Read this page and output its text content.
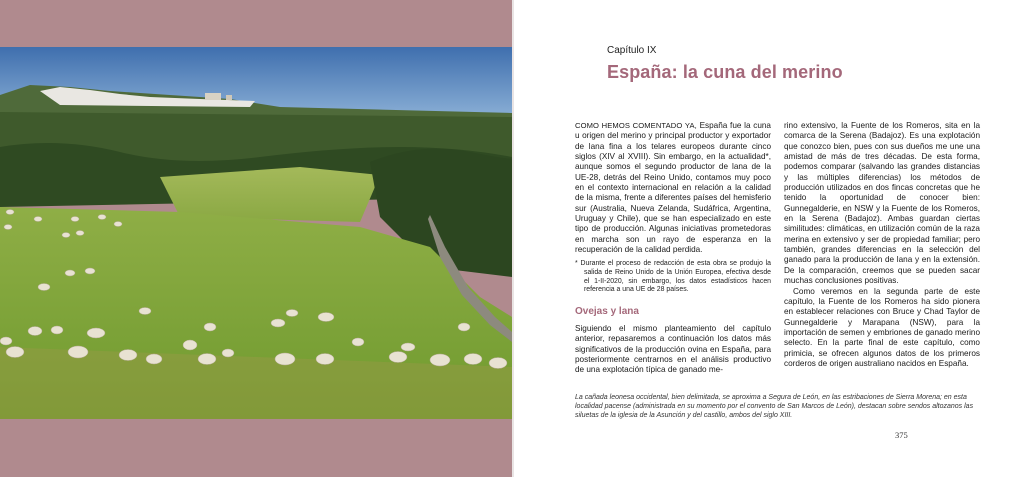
Capítulo IX
España: la cuna del merino

COMO HEMOS COMENTADO YA, España fue la cuna u origen del merino y principal productor y exportador de lana fina a los telares europeos durante cinco siglos (XIV al XVIII). Sin embargo, en la actualidad*, aunque somos el segundo productor de lana de la UE-28, detrás del Reino Unido, contamos muy poco en el contexto internacional en relación a la calidad de la misma, frente a diferentes países del hemisferio sur (Australia, Nueva Zelanda, Sudáfrica, Argentina, Uruguay y Chile), que se han especializado en este tipo de producción. Algunas iniciativas prometedoras en marcha son un rayo de esperanza en la recuperación de la calidad perdida.

* Durante el proceso de redacción de esta obra se produjo la salida de Reino Unido de la Unión Europea, efectiva desde el 1-II-2020, sin embargo, los datos estadísticos hacen referencia a una UE de 28 países.

Ovejas y lana

Siguiendo el mismo planteamiento del capítulo anterior, repasaremos a continuación los datos más significativos de la producción ovina en España, para posteriormente centrarnos en el análisis productivo de una explotación típica de ganado me-

rino extensivo, la Fuente de los Romeros, sita en la comarca de la Serena (Badajoz). Es una explotación que conozco bien, pues con sus dueños me une una amistad de más de tres décadas. De esta forma, podemos comparar (salvando las grandes distancias y las múltiples diferencias) los métodos de producción utilizados en dos fincas concretas que he tenido la oportunidad de conocer bien: Gunnegalderie, en NSW y la Fuente de los Romeros, en la Serena (Badajoz). Ambas guardan ciertas similitudes: climáticas, en utilización común de la raza merina en extensivo y ser de propiedad familiar; pero también, grandes diferencias en la selección del ganado para la producción de lana y en la extensión. De la comparación, creemos que se pueden sacar muchas conclusiones positivas.

Como veremos en la segunda parte de este capítulo, la Fuente de los Romeros ha sido pionera en establecer relaciones con Bruce y Chad Taylor de Gunnegalderie y Marapana (NSW), para la importación de semen y embriones de ganado merino selecto. En la parte final de este capítulo, como primicia, se ofrecen algunos datos de los primeros corderos de origen australiano nacidos en España.

La cañada leonesa occidental, bien delimitada, se aproxima a Segura de León, en las estribaciones de Sierra Morena; en esta localidad pacense (administrada en su momento por el convento de San Marcos de León), destacan sobre sendos altozanos las siluetas de la iglesia de la Asunción y del castillo, ambos del siglo XIII.
375
